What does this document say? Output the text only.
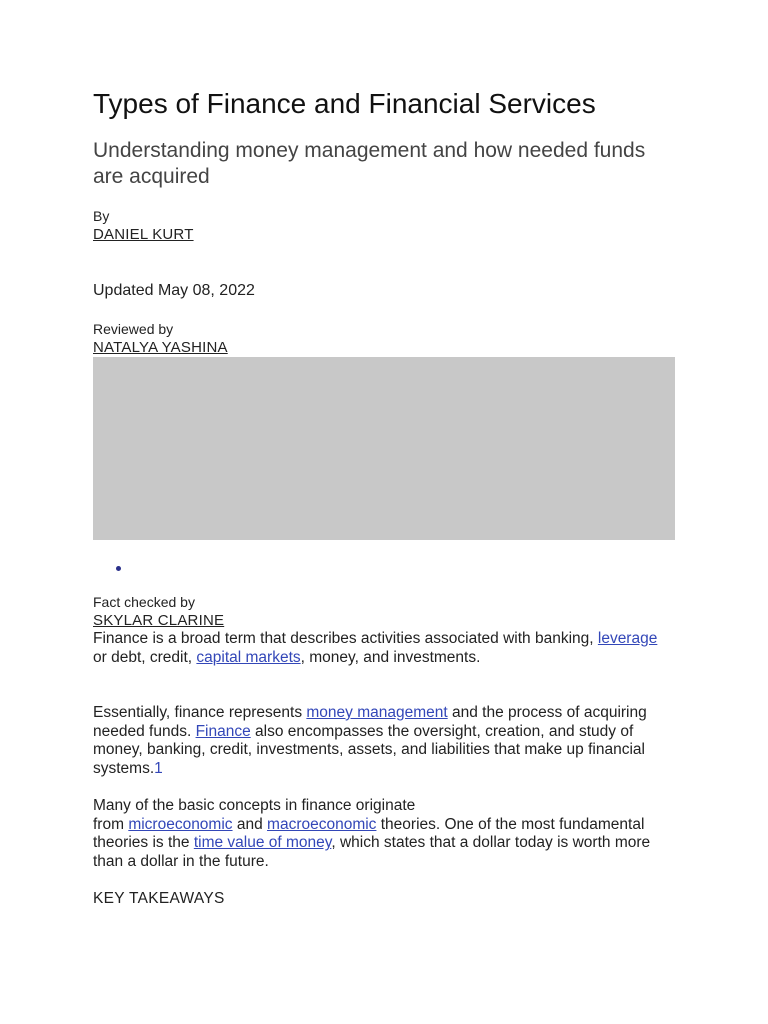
Types of Finance and Financial Services
Understanding money management and how needed funds are acquired
By
DANIEL KURT
Updated May 08, 2022
Reviewed by
NATALYA YASHINA
Fact checked by
SKYLAR CLARINE

Finance is a broad term that describes activities associated with banking, leverage or debt, credit, capital markets, money, and investments.

Essentially, finance represents money management and the process of acquiring needed funds. Finance also encompasses the oversight, creation, and study of money, banking, credit, investments, assets, and liabilities that make up financial systems.1

Many of the basic concepts in finance originate
from microeconomic and macroeconomic theories. One of the most fundamental theories is the time value of money, which states that a dollar today is worth more than a dollar in the future.

KEY TAKEAWAYS
